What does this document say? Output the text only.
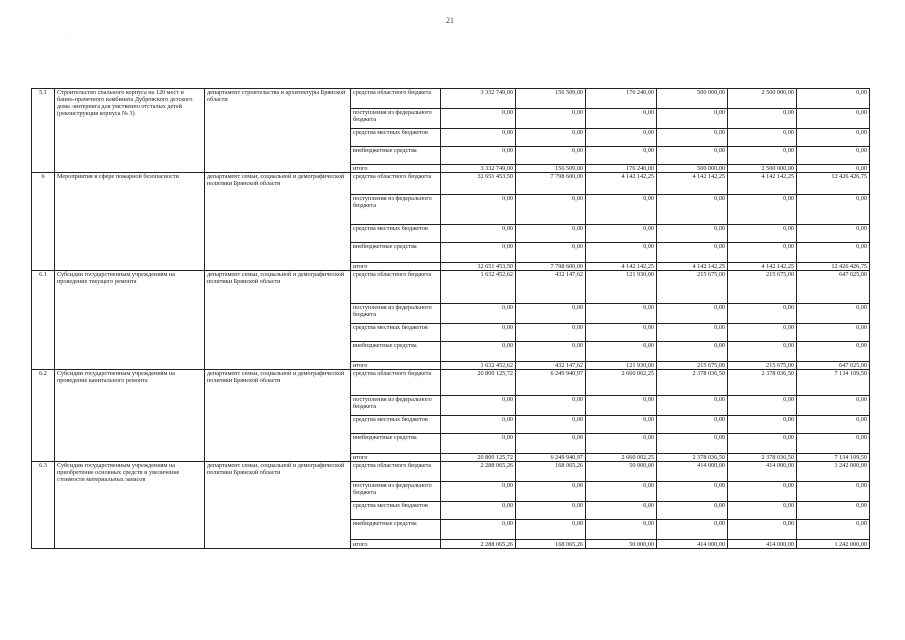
21
`
5.1	Строительство спального корпуса на 120 мест и банно-прачечного комбината Дубровского детского дома -интерната для умственно отсталых детей (реконструкция корпуса № 3)	департамент строительства и архитектуры Брянской области	средства областного бюджета	3 332 749,00	156 509,00	176 240,00	500 000,00	2 500 000,00	0,00
			поступления из федерального бюджета	0,00	0,00	0,00	0,00	0,00	0,00
			средства местных бюджетов	0,00	0,00	0,00	0,00	0,00	0,00
			внебюджетные средства	0,00	0,00	0,00	0,00	0,00	0,00
			итого	3 332 749,00	156 509,00	176 240,00	500 000,00	2 500 000,00	0,00
6	Мероприятия в сфере пожарной безопасности	департамент семьи, социальной и демографической политики Брянской области	средства областного бюджета	32 651 453,50	7 798 600,00	4 142 142,25	4 142 142,25	4 142 142,25	12 426 426,75
			поступления из федерального бюджета	0,00	0,00	0,00	0,00	0,00	0,00
			средства местных бюджетов	0,00	0,00	0,00	0,00	0,00	0,00
			внебюджетные средства	0,00	0,00	0,00	0,00	0,00	0,00
			итого	32 651 453,50	7 798 600,00	4 142 142,25	4 142 142,25	4 142 142,25	12 426 426,75
6.1	Субсидии государственным учреждениям на проведение текущего ремонта	департамент семьи, социальной и демографической политики Брянской области	средства областного бюджета	1 632 452,62	432 147,62	121 930,00	215 675,00	215 675,00	647 025,00
			поступления из федерального бюджета	0,00	0,00	0,00	0,00	0,00	0,00
			средства местных бюджетов	0,00	0,00	0,00	0,00	0,00	0,00
			внебюджетные средства	0,00	0,00	0,00	0,00	0,00	0,00
			итого	1 632 452,62	432 147,62	121 930,00	215 675,00	215 675,00	647 025,00
6.2	Субсидии государственным учреждениям на проведение капитального ремонта	департамент семьи, социальной и демографической политики Брянской области	средства областного бюджета	20 800 125,72	6 249 940,97	2 660 002,25	2 378 036,50	2 378 036,50	7 134 109,50
			поступления из федерального бюджета	0,00	0,00	0,00	0,00	0,00	0,00
			средства местных бюджетов	0,00	0,00	0,00	0,00	0,00	0,00
			внебюджетные средства	0,00	0,00	0,00	0,00	0,00	0,00
			итого	20 800 125,72	6 249 940,97	2 660 002,25	2 378 036,50	2 378 036,50	7 134 109,50
6.3	Субсидии государственным учреждениям на приобретение основных средств и увеличение стоимости материальных запасов	департамент семьи, социальной и демографической политики Брянской области	средства областного бюджета	2 288 065,26	168 065,26	50 000,00	414 000,00	414 000,00	1 242 000,00
			поступления из федерального бюджета	0,00	0,00	0,00	0,00	0,00	0,00
			средства местных бюджетов	0,00	0,00	0,00	0,00	0,00	0,00
			внебюджетные средства	0,00	0,00	0,00	0,00	0,00	0,00
			итого	2 288 065,26	168 065,26	50 000,00	414 000,00	414 000,00	1 242 000,00
